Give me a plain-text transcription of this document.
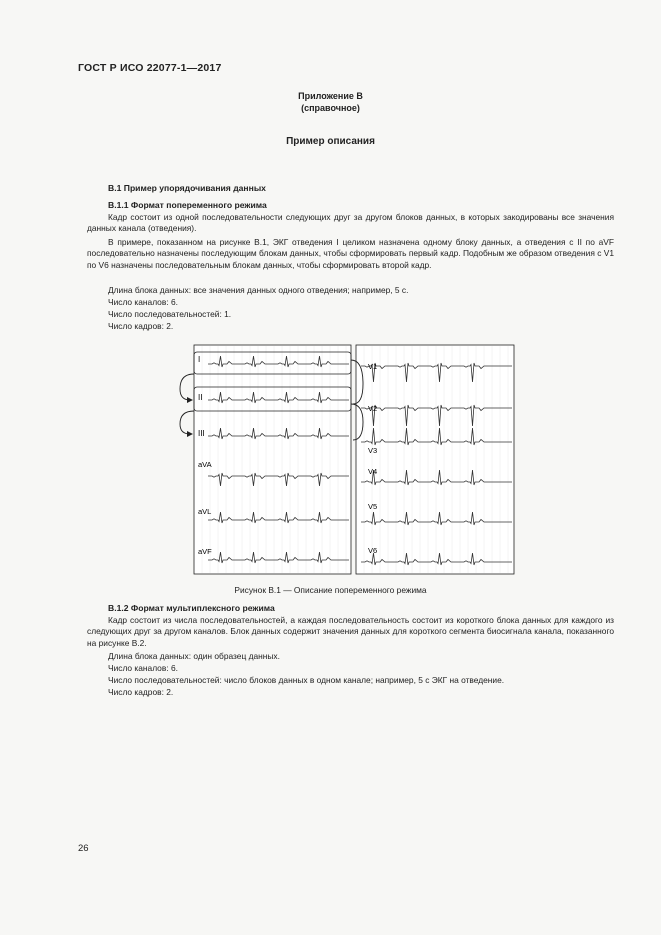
ГОСТ Р ИСО 22077-1—2017
Приложение В
(справочное)
Пример описания
В.1 Пример упорядочивания данных
В.1.1 Формат попеременного режима

Кадр состоит из одной последовательности следующих друг за другом блоков данных, в которых закодированы все значения данных канала (отведения).

В примере, показанном на рисунке В.1, ЭКГ отведения I целиком назначена одному блоку данных, а отведения с II по aVF последовательно назначены последующим блокам данных, чтобы сформировать первый кадр. Подобным же образом отведения с V1 по V6 назначены последовательным блокам данных, чтобы сформировать второй кадр.

Длина блока данных: все значения данных одного отведения; например, 5 с.
Число каналов: 6.
Число последовательностей: 1.
Число кадров: 2.
I
II
III
aVA
aVL
aVF
V1
V2
V3
V4
V5
V6
Рисунок В.1 — Описание попеременного режима
В.1.2 Формат мультиплексного режима

Кадр состоит из числа последовательностей, а каждая последовательность состоит из короткого блока данных для каждого из следующих друг за другом каналов. Блок данных содержит значения данных для короткого сегмента биосигнала канала, показанного на рисунке В.2.

Длина блока данных: один образец данных.
Число каналов: 6.
Число последовательностей: число блоков данных в одном канале; например, 5 с ЭКГ на отведение.
Число кадров: 2.
26
